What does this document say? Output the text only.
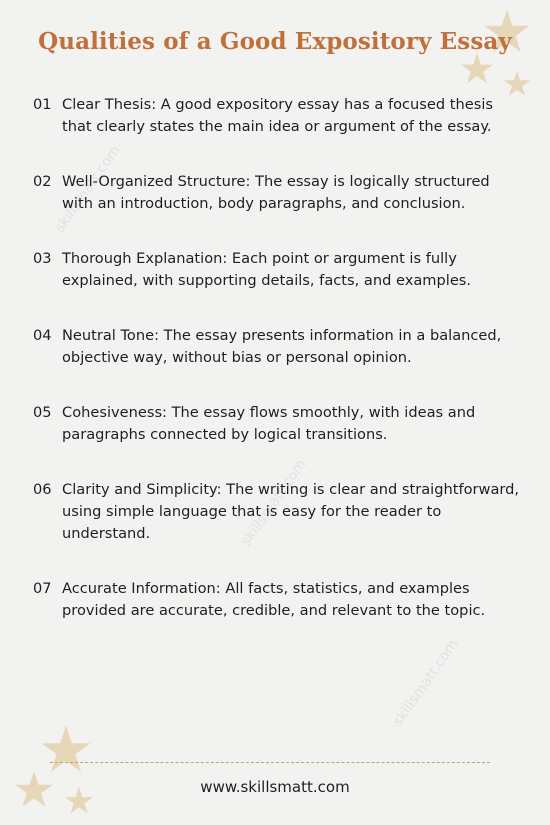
skillsmatt.com
skillsmatt.com
skillsmatt.com
Qualities of a Good Expository Essay
01 Clear Thesis: A good expository essay has a focused thesis that clearly states the main idea or argument of the essay.
02 Well-Organized Structure: The essay is logically structured with an introduction, body paragraphs, and conclusion.
03 Thorough Explanation: Each point or argument is fully explained, with supporting details, facts, and examples.
04 Neutral Tone: The essay presents information in a balanced, objective way, without bias or personal opinion.
05 Cohesiveness: The essay flows smoothly, with ideas and paragraphs connected by logical transitions.
06 Clarity and Simplicity: The writing is clear and straightforward, using simple language that is easy for the reader to understand.
07 Accurate Information: All facts, statistics, and examples provided are accurate, credible, and relevant to the topic.
www.skillsmatt.com
